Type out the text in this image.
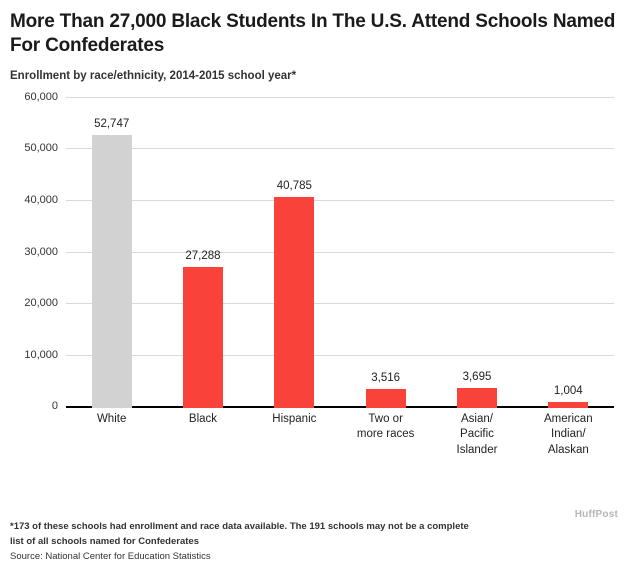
More Than 27,000 Black Students In The U.S. Attend Schools Named For Confederates
Enrollment by race/ethnicity, 2014-2015 school year*
0
10,000
20,000
30,000
40,000
50,000
60,000
52,747
27,288
40,785
3,516	3,695
1,004
White	Black	Hispanic	Two or
more races
Asian/
Pacific
Islander
American
Indian/
Alaskan
HuffPost
*173 of these schools had enrollment and race data available. The 191 schools may not be a complete
list of all schools named for Confederates
Source: National Center for Education Statistics
